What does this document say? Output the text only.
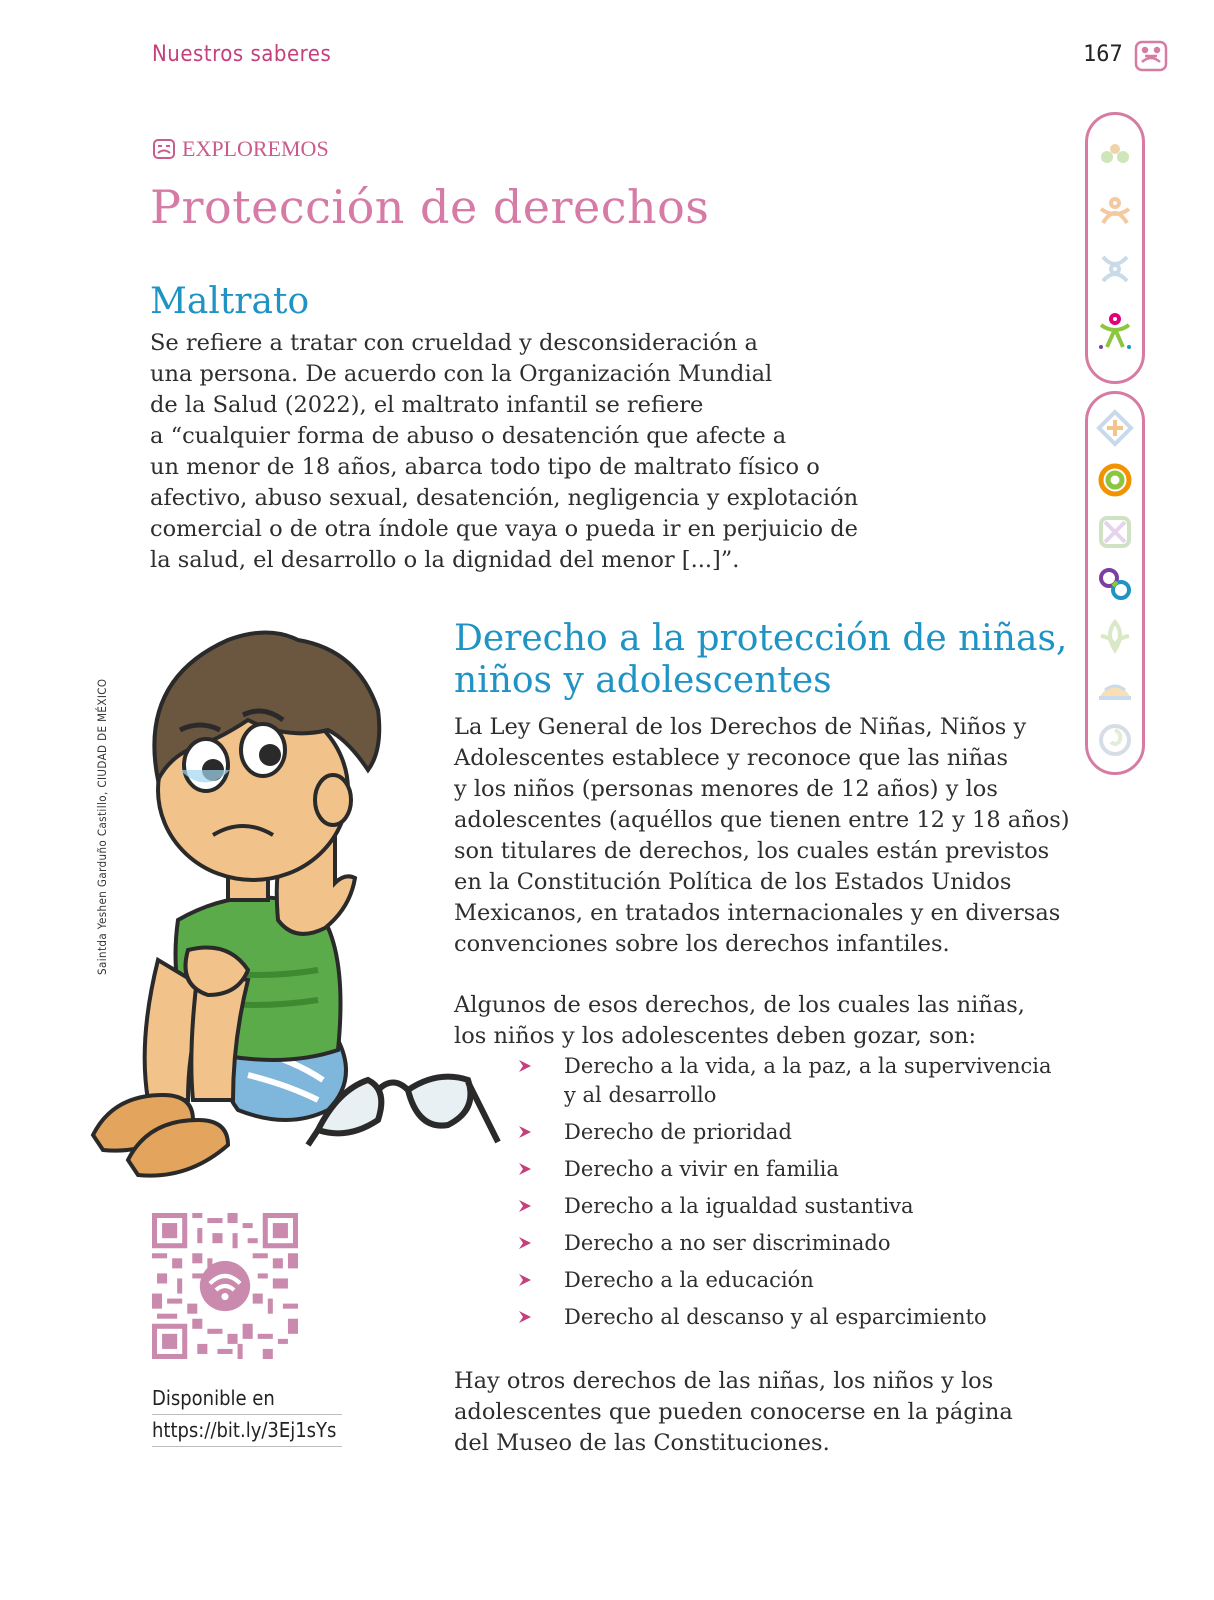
Nuestros saberes	167
EXPLOREMOS
Protección de derechos
Maltrato
Se refiere a tratar con crueldad y desconsideración a
una persona. De acuerdo con la Organización Mundial
de la Salud (2022), el maltrato infantil se refiere
a “cualquier forma de abuso o desatención que afecte a
un menor de 18 años, abarca todo tipo de maltrato físico o
afectivo, abuso sexual, desatención, negligencia y explotación
comercial o de otra índole que vaya o pueda ir en perjuicio de
la salud, el desarrollo o la dignidad del menor [...]”.
Derecho a la protección de niñas,
niños y adolescentes
La Ley General de los Derechos de Niñas, Niños y
Adolescentes establece y reconoce que las niñas
y los niños (personas menores de 12 años) y los
adolescentes (aquéllos que tienen entre 12 y 18 años)
son titulares de derechos, los cuales están previstos
en la Constitución Política de los Estados Unidos
Mexicanos, en tratados internacionales y en diversas
convenciones sobre los derechos infantiles.
Algunos de esos derechos, de los cuales las niñas,
los niños y los adolescentes deben gozar, son:
Derecho a la vida, a la paz, a la supervivencia
y al desarrollo
Derecho de prioridad
Derecho a vivir en familia
Derecho a la igualdad sustantiva
Derecho a no ser discriminado
Derecho a la educación
Derecho al descanso y al esparcimiento
Hay otros derechos de las niñas, los niños y los
adolescentes que pueden conocerse en la página
del Museo de las Constituciones.
Saintda Yeshen Garduño Castillo, CIUDAD DE MÉXICO
Disponible en
https://bit.ly/3Ej1sYs
